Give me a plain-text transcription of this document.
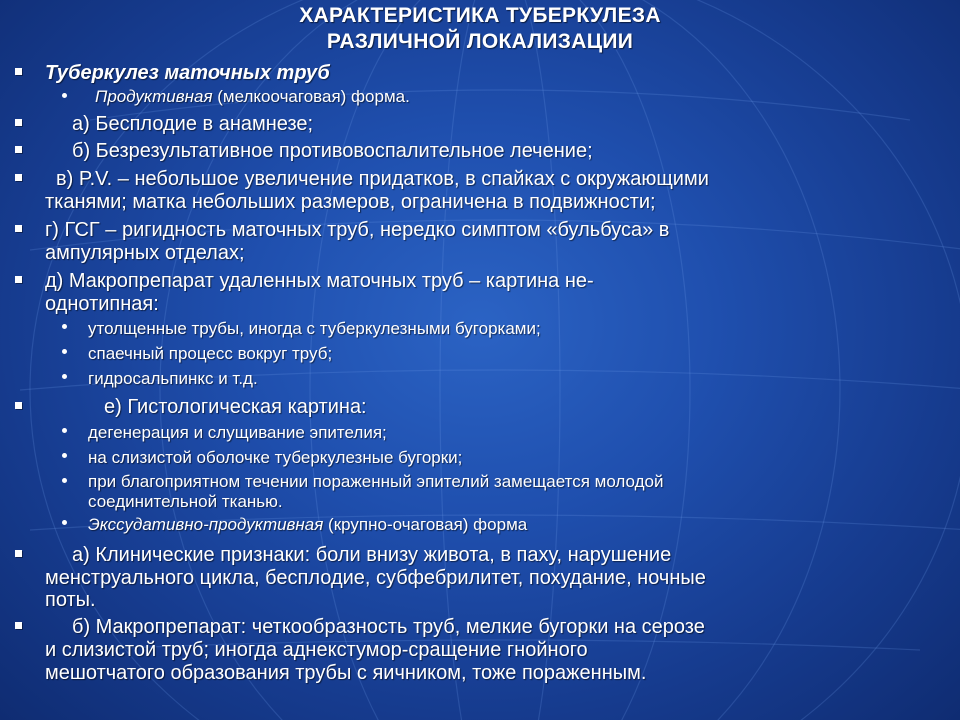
ХАРАКТЕРИСТИКА ТУБЕРКУЛЕЗА
РАЗЛИЧНОЙ ЛОКАЛИЗАЦИИ
Туберкулез маточных труб
Продуктивная (мелкоочаговая) форма.
а) Бесплодие в анамнезе;
б) Безрезультативное противовоспалительное лечение;
в) P.V. – небольшое увеличение придатков, в спайках с окружающими
тканями; матка небольших размеров, ограничена в подвижности;
г) ГСГ – ригидность маточных труб, нередко симптом «бульбуса» в
ампулярных отделах;
д) Макропрепарат удаленных маточных труб – картина не-
однотипная:
утолщенные трубы, иногда с туберкулезными бугорками;
спаечный процесс вокруг труб;
гидросальпинкс и т.д.
е) Гистологическая картина:
дегенерация и слущивание эпителия;
на слизистой оболочке туберкулезные бугорки;
при благоприятном течении пораженный эпителий замещается молодой
соединительной тканью.
Экссудативно-продуктивная (крупно-очаговая) форма
а) Клинические признаки: боли внизу живота, в паху, нарушение
менструального цикла, бесплодие, субфебрилитет, похудание, ночные
поты.
б) Макропрепарат: четкообразность труб, мелкие бугорки на серозе
и слизистой труб; иногда аднекстумор-сращение гнойного
мешотчатого образования трубы с яичником, тоже пораженным.
